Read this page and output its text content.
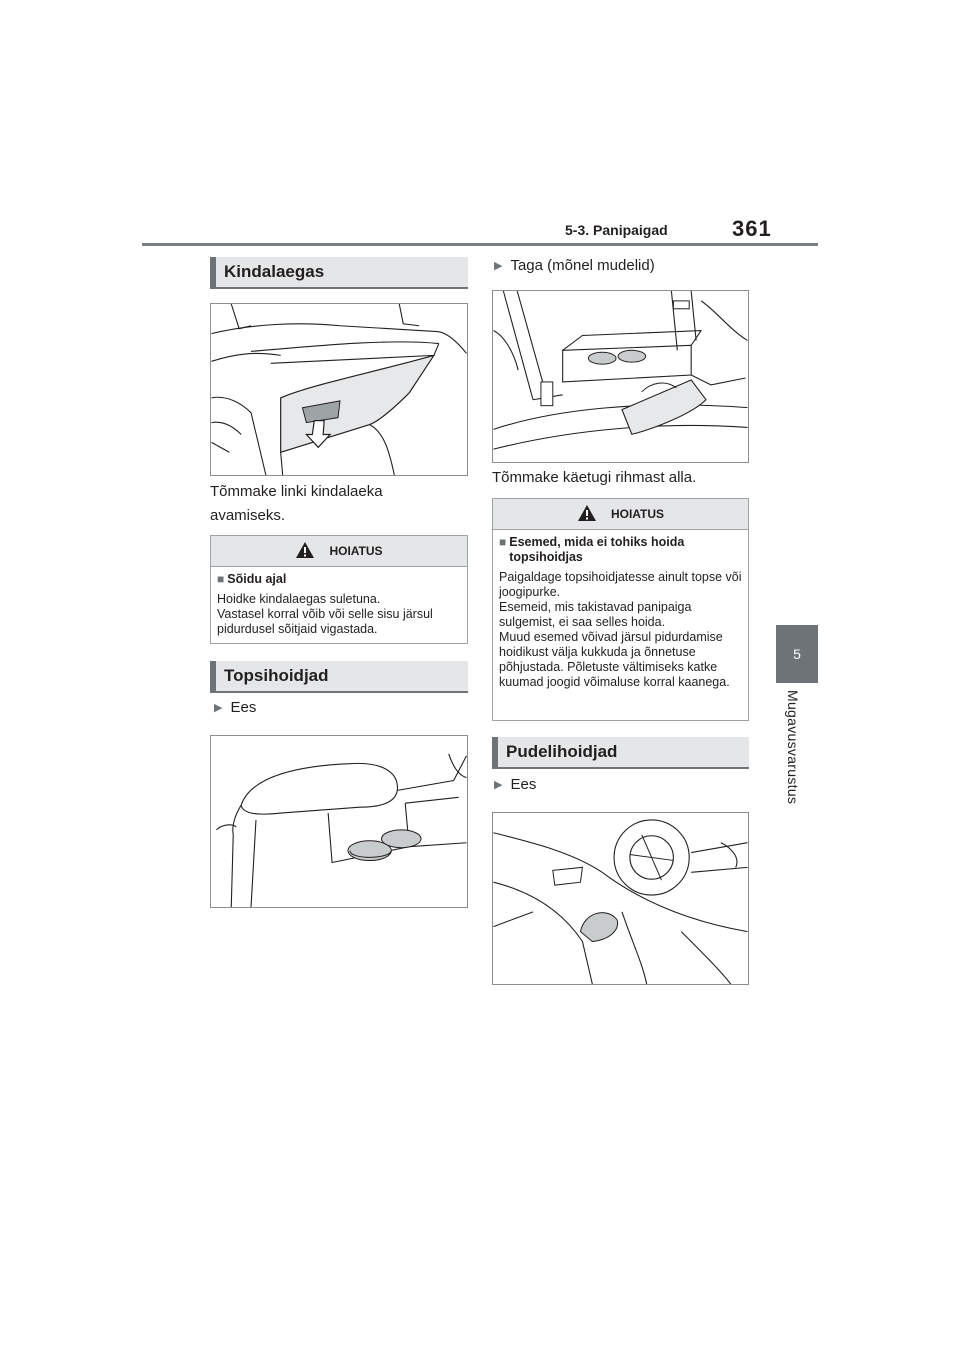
5-3. Panipaigad	361
5
Mugavusvarustus
Kindalaegas
Tõmmake linki kindalaeka avamiseks.
HOIATUS
■ Sõidu ajal
Hoidke kindalaegas suletuna.
Vastasel korral võib või selle sisu järsul pidurdusel sõitjaid vigastada.
Topsihoidjad
▶ Ees
▶ Taga (mõnel mudelid)
Tõmmake käetugi rihmast alla.
HOIATUS
■ Esemed, mida ei tohiks hoida topsihoidjas
Paigaldage topsihoidjatesse ainult topse või joogipurke.
Esemeid, mis takistavad panipaiga sulgemist, ei saa selles hoida.
Muud esemed võivad järsul pidurdamise hoidikust välja kukkuda ja õnnetuse põhjustada. Põletuste vältimiseks katke kuumad joogid võimaluse korral kaanega.
Pudelihoidjad
▶ Ees
